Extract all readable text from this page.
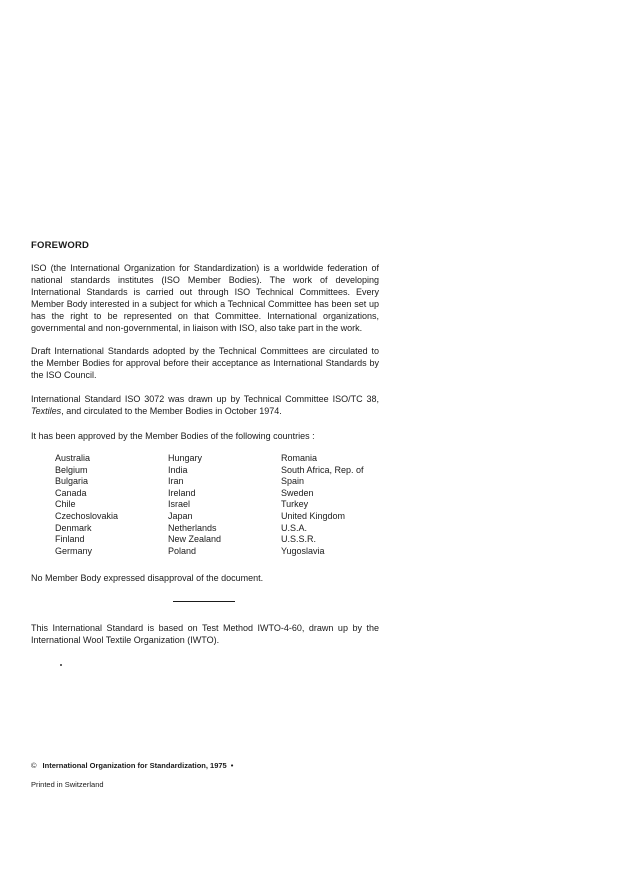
FOREWORD
ISO (the International Organization for Standardization) is a worldwide federation of national standards institutes (ISO Member Bodies). The work of developing International Standards is carried out through ISO Technical Committees. Every Member Body interested in a subject for which a Technical Committee has been set up has the right to be represented on that Committee. International organizations, governmental and non-governmental, in liaison with ISO, also take part in the work.
Draft International Standards adopted by the Technical Committees are circulated to the Member Bodies for approval before their acceptance as International Standards by the ISO Council.
International Standard ISO 3072 was drawn up by Technical Committee ISO/TC 38, Textiles, and circulated to the Member Bodies in October 1974.
It has been approved by the Member Bodies of the following countries :
Australia	Hungary	Romania
Belgium	India	South Africa, Rep. of
Bulgaria	Iran	Spain
Canada	Ireland	Sweden
Chile	Israel	Turkey
Czechoslovakia	Japan	United Kingdom
Denmark	Netherlands	U.S.A.
Finland	New Zealand	U.S.S.R.
Germany	Poland	Yugoslavia
No Member Body expressed disapproval of the document.
This International Standard is based on Test Method IWTO-4-60, drawn up by the International Wool Textile Organization (IWTO).
© International Organization for Standardization, 1975 •
Printed in Switzerland
